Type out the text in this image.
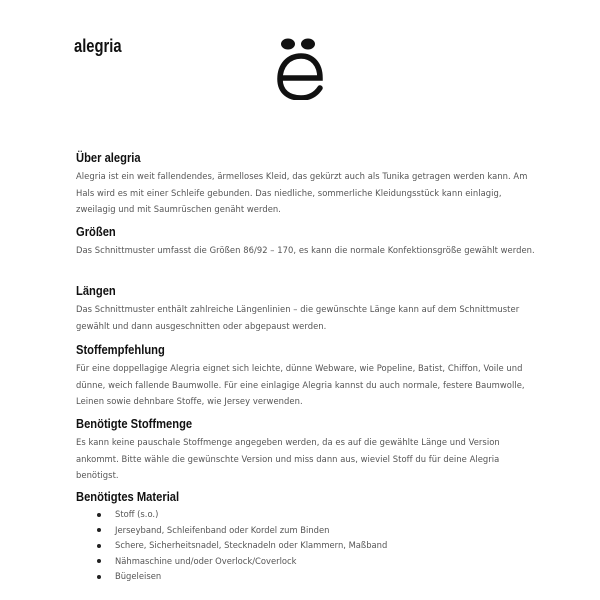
alegria
Über alegria

Alegria ist ein weit fallendendes, ärmelloses Kleid, das gekürzt auch als Tunika getragen werden kann. Am Hals wird es mit einer Schleife gebunden. Das niedliche, sommerliche Kleidungsstück kann einlagig, zweilagig und mit Saumrüschen genäht werden.

Größen

Das Schnittmuster umfasst die Größen 86/92 – 170, es kann die normale Konfektionsgröße gewählt werden.

Längen

Das Schnittmuster enthält zahlreiche Längenlinien – die gewünschte Länge kann auf dem Schnittmuster gewählt und dann ausgeschnitten oder abgepaust werden.

Stoffempfehlung

Für eine doppellagige Alegria eignet sich leichte, dünne Webware, wie Popeline, Batist, Chiffon, Voile und dünne, weich fallende Baumwolle. Für eine einlagige Alegria kannst du auch normale, festere Baumwolle, Leinen sowie dehnbare Stoffe, wie Jersey verwenden.

Benötigte Stoffmenge

Es kann keine pauschale Stoffmenge angegeben werden, da es auf die gewählte Länge und Version ankommt. Bitte wähle die gewünschte Version und miss dann aus, wieviel Stoff du für deine Alegria benötigst.

Benötigtes Material
Stoff (s.o.)
Jerseyband, Schleifenband oder Kordel zum Binden
Schere, Sicherheitsnadel, Stecknadeln oder Klammern, Maßband
Nähmaschine und/oder Overlock/Coverlock
Bügeleisen
